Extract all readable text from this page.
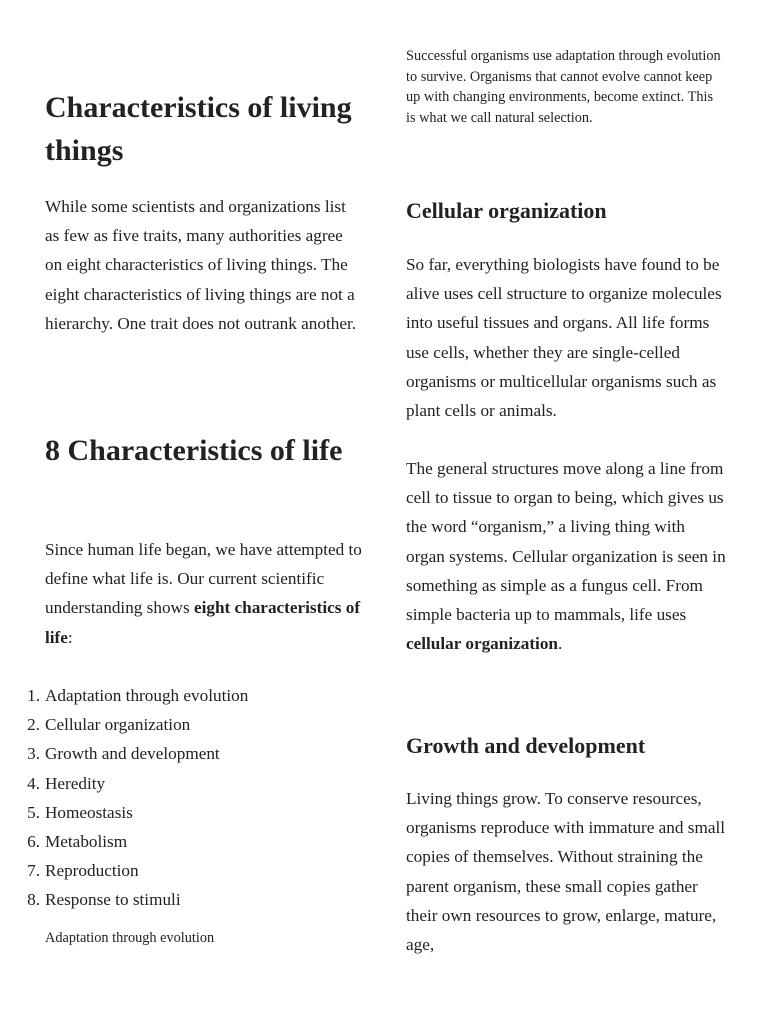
Characteristics of living things

While some scientists and organizations list as few as five traits, many authorities agree on eight characteristics of living things. The eight characteristics of living things are not a hierarchy. One trait does not outrank another.

8 Characteristics of life

Since human life began, we have attempted to define what life is. Our current scientific understanding shows eight characteristics of life:

1. Adaptation through evolution
2. Cellular organization
3. Growth and development
4. Heredity
5. Homeostasis
6. Metabolism
7. Reproduction
8. Response to stimuli

Adaptation through evolution

Successful organisms use adaptation through evolution to survive. Organisms that cannot evolve cannot keep up with changing environments, become extinct. This is what we call natural selection.

Cellular organization

So far, everything biologists have found to be alive uses cell structure to organize molecules into useful tissues and organs. All life forms use cells, whether they are single-celled organisms or multicellular organisms such as plant cells or animals.

The general structures move along a line from cell to tissue to organ to being, which gives us the word “organism,” a living thing with organ systems. Cellular organization is seen in something as simple as a fungus cell. From simple bacteria up to mammals, life uses cellular organization.

Growth and development

Living things grow. To conserve resources, organisms reproduce with immature and small copies of themselves. Without straining the parent organism, these small copies gather their own resources to grow, enlarge, mature, age,
